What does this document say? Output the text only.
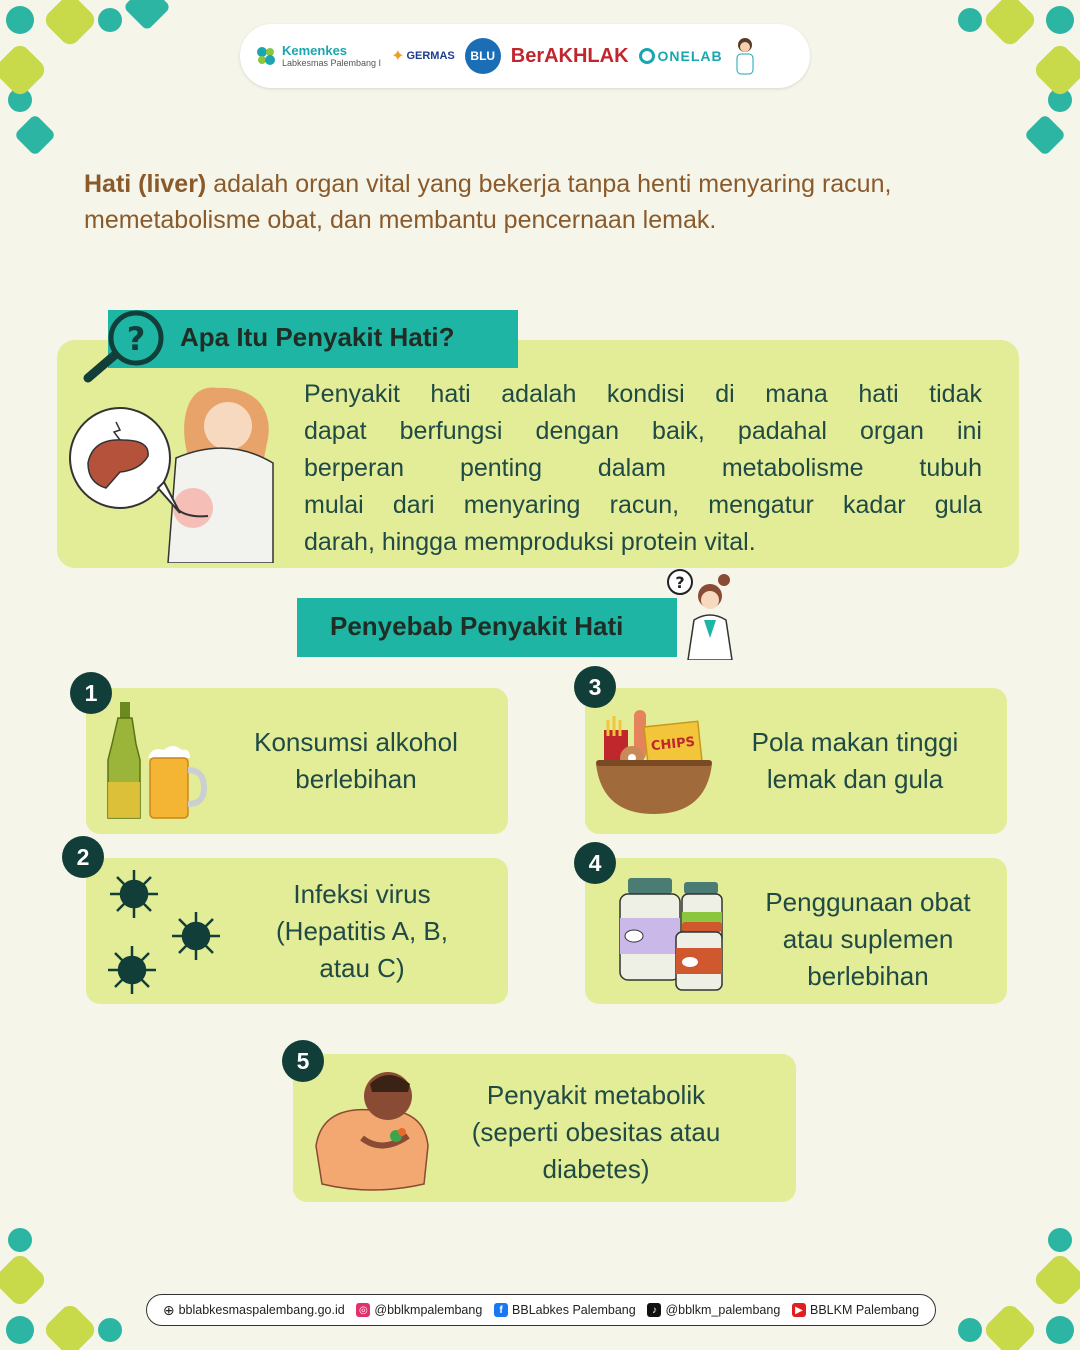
Kemenkes
Labkesmas Palembang I ✦ GERMAS	BLU BerAKHLAK ONELAB
Hati (liver) adalah organ vital yang bekerja tanpa henti menyaring racun, memetabolisme obat, dan membantu pencernaan lemak.
? Apa Itu Penyakit Hati?
Penyakit hati adalah kondisi di mana hati tidak
dapat berfungsi dengan baik, padahal organ ini
berperan penting dalam metabolisme tubuh
mulai dari menyaring racun, mengatur kadar gula
darah, hingga memproduksi protein vital.
Penyebab Penyakit Hati
?
1
Konsumsi alkohol
berlebihan
3
CHIPS	Pola makan tinggi
lemak dan gula
2
Infeksi virus
(Hepatitis A, B,
atau C)
4
Penggunaan obat
atau suplemen
berlebihan
5
Penyakit metabolik
(seperti obesitas atau
diabetes)
⊕ bblabkesmaspalembang.go.id ◎ @bblkmpalembang	f BBLabkes Palembang	♪ @bblkm_palembang	▶ BBLKM Palembang
